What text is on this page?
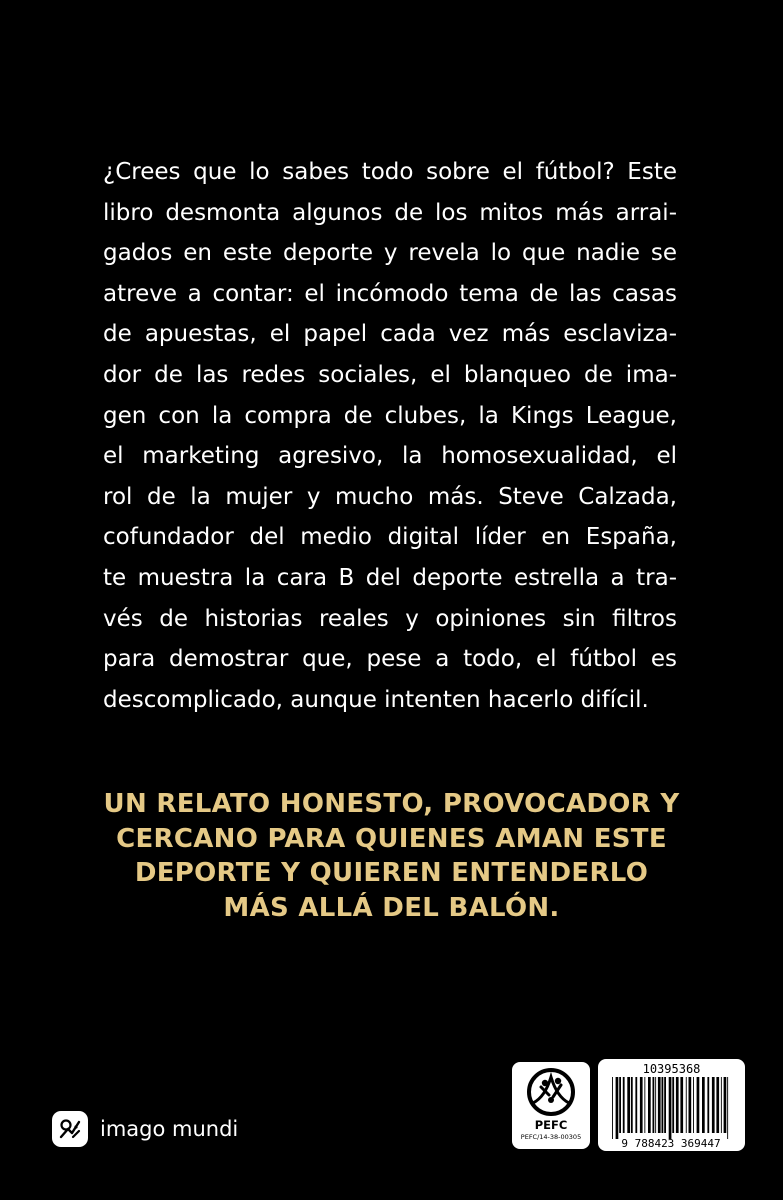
¿Crees que lo sabes todo sobre el fútbol? Este
libro desmonta algunos de los mitos más arrai-
gados en este deporte y revela lo que nadie se
atreve a contar: el incómodo tema de las casas
de apuestas, el papel cada vez más esclaviza-
dor de las redes sociales, el blanqueo de ima-
gen con la compra de clubes, la Kings League,
el marketing agresivo, la homosexualidad, el
rol de la mujer y mucho más. Steve Calzada,
cofundador del medio digital líder en España,
te muestra la cara B del deporte estrella a tra-
vés de historias reales y opiniones sin filtros
para demostrar que, pese a todo, el fútbol es
descomplicado, aunque intenten hacerlo difícil.
UN RELATO HONESTO, PROVOCADOR Y
CERCANO PARA QUIENES AMAN ESTE
DEPORTE Y QUIEREN ENTENDERLO
MÁS ALLÁ DEL BALÓN.
imago mundi	PEFC
PEFC/14-38-00305
10395368
9 788423 369447
